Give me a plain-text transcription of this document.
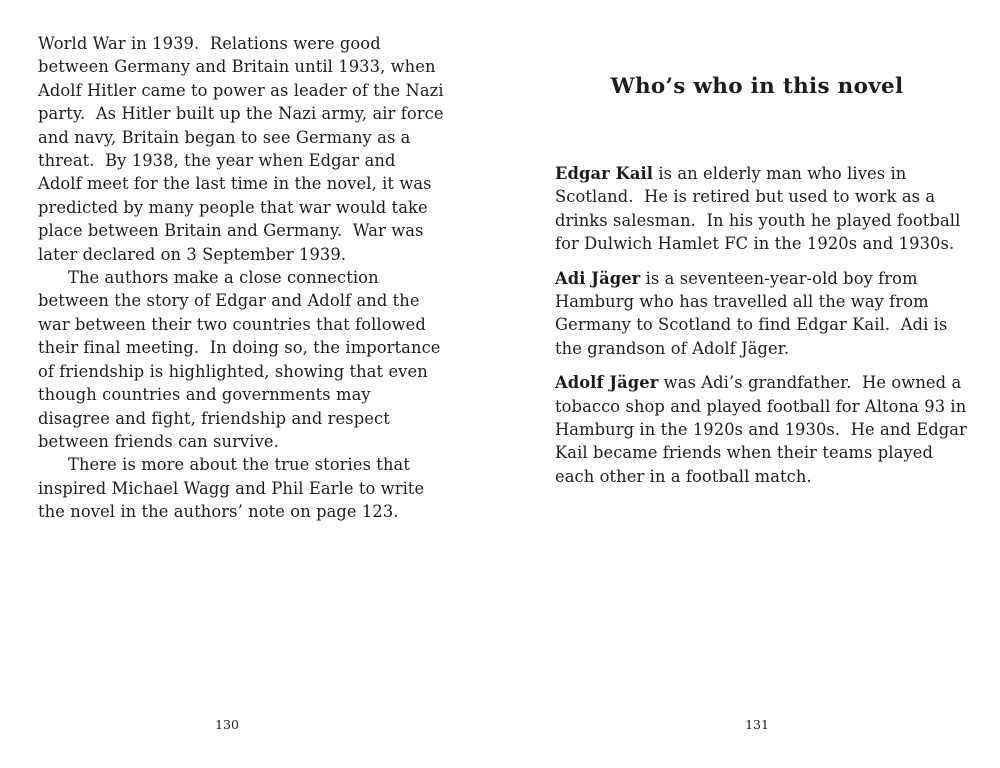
World War in 1939.  Relations were good between Germany and Britain until 1933, when Adolf Hitler came to power as leader of the Nazi party.  As Hitler built up the Nazi army, air force and navy, Britain began to see Germany as a threat.  By 1938, the year when Edgar and Adolf meet for the last time in the novel, it was predicted by many people that war would take place between Britain and Germany.  War was later declared on 3 September 1939.

The authors make a close connection between the story of Edgar and Adolf and the war between their two countries that followed their final meeting.  In doing so, the importance of friendship is highlighted, showing that even though countries and governments may disagree and fight, friendship and respect between friends can survive.

There is more about the true stories that inspired Michael Wagg and Phil Earle to write the novel in the authors’ note on page 123.

Who’s who in this novel

Edgar Kail is an elderly man who lives in Scotland.  He is retired but used to work as a drinks salesman.  In his youth he played football for Dulwich Hamlet FC in the 1920s and 1930s.

Adi Jäger is a seventeen-year-old boy from Hamburg who has travelled all the way from Germany to Scotland to find Edgar Kail.  Adi is the grandson of Adolf Jäger.

Adolf Jäger was Adi’s grandfather.  He owned a tobacco shop and played football for Altona 93 in Hamburg in the 1920s and 1930s.  He and Edgar Kail became friends when their teams played each other in a football match.

130	131
